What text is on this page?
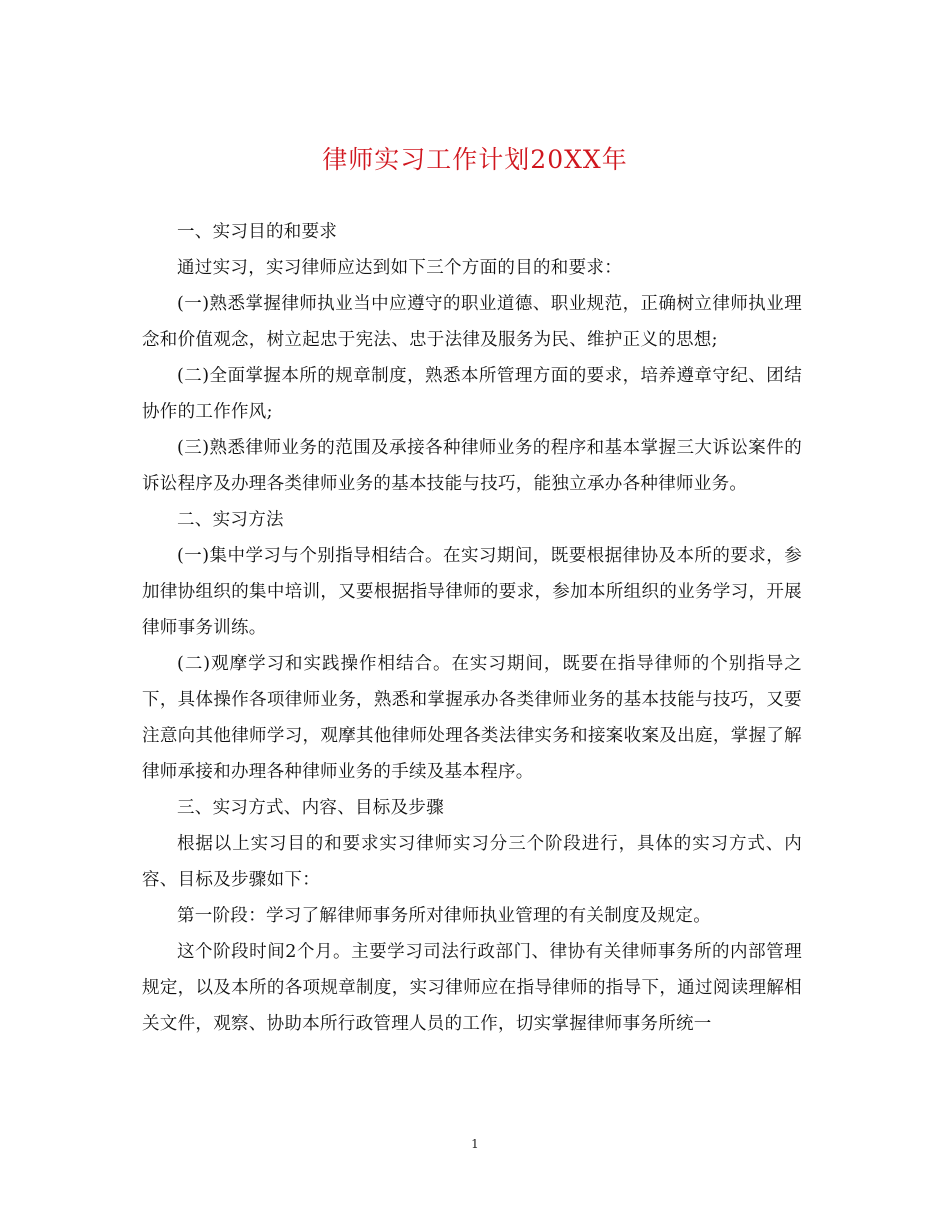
律师实习工作计划20XX年

一、实习目的和要求

通过实习，实习律师应达到如下三个方面的目的和要求：

(一)熟悉掌握律师执业当中应遵守的职业道德、职业规范，正确树立律师执业理念和价值观念，树立起忠于宪法、忠于法律及服务为民、维护正义的思想;

(二)全面掌握本所的规章制度，熟悉本所管理方面的要求，培养遵章守纪、团结协作的工作作风;

(三)熟悉律师业务的范围及承接各种律师业务的程序和基本掌握三大诉讼案件的诉讼程序及办理各类律师业务的基本技能与技巧，能独立承办各种律师业务。

二、实习方法

(一)集中学习与个别指导相结合。在实习期间，既要根据律协及本所的要求，参加律协组织的集中培训，又要根据指导律师的要求，参加本所组织的业务学习，开展律师事务训练。

(二)观摩学习和实践操作相结合。在实习期间，既要在指导律师的个别指导之下，具体操作各项律师业务，熟悉和掌握承办各类律师业务的基本技能与技巧，又要注意向其他律师学习，观摩其他律师处理各类法律实务和接案收案及出庭，掌握了解律师承接和办理各种律师业务的手续及基本程序。

三、实习方式、内容、目标及步骤

根据以上实习目的和要求实习律师实习分三个阶段进行，具体的实习方式、内容、目标及步骤如下：

第一阶段：学习了解律师事务所对律师执业管理的有关制度及规定。

这个阶段时间2个月。主要学习司法行政部门、律协有关律师事务所的内部管理规定，以及本所的各项规章制度，实习律师应在指导律师的指导下，通过阅读理解相关文件，观察、协助本所行政管理人员的工作，切实掌握律师事务所统一

1
